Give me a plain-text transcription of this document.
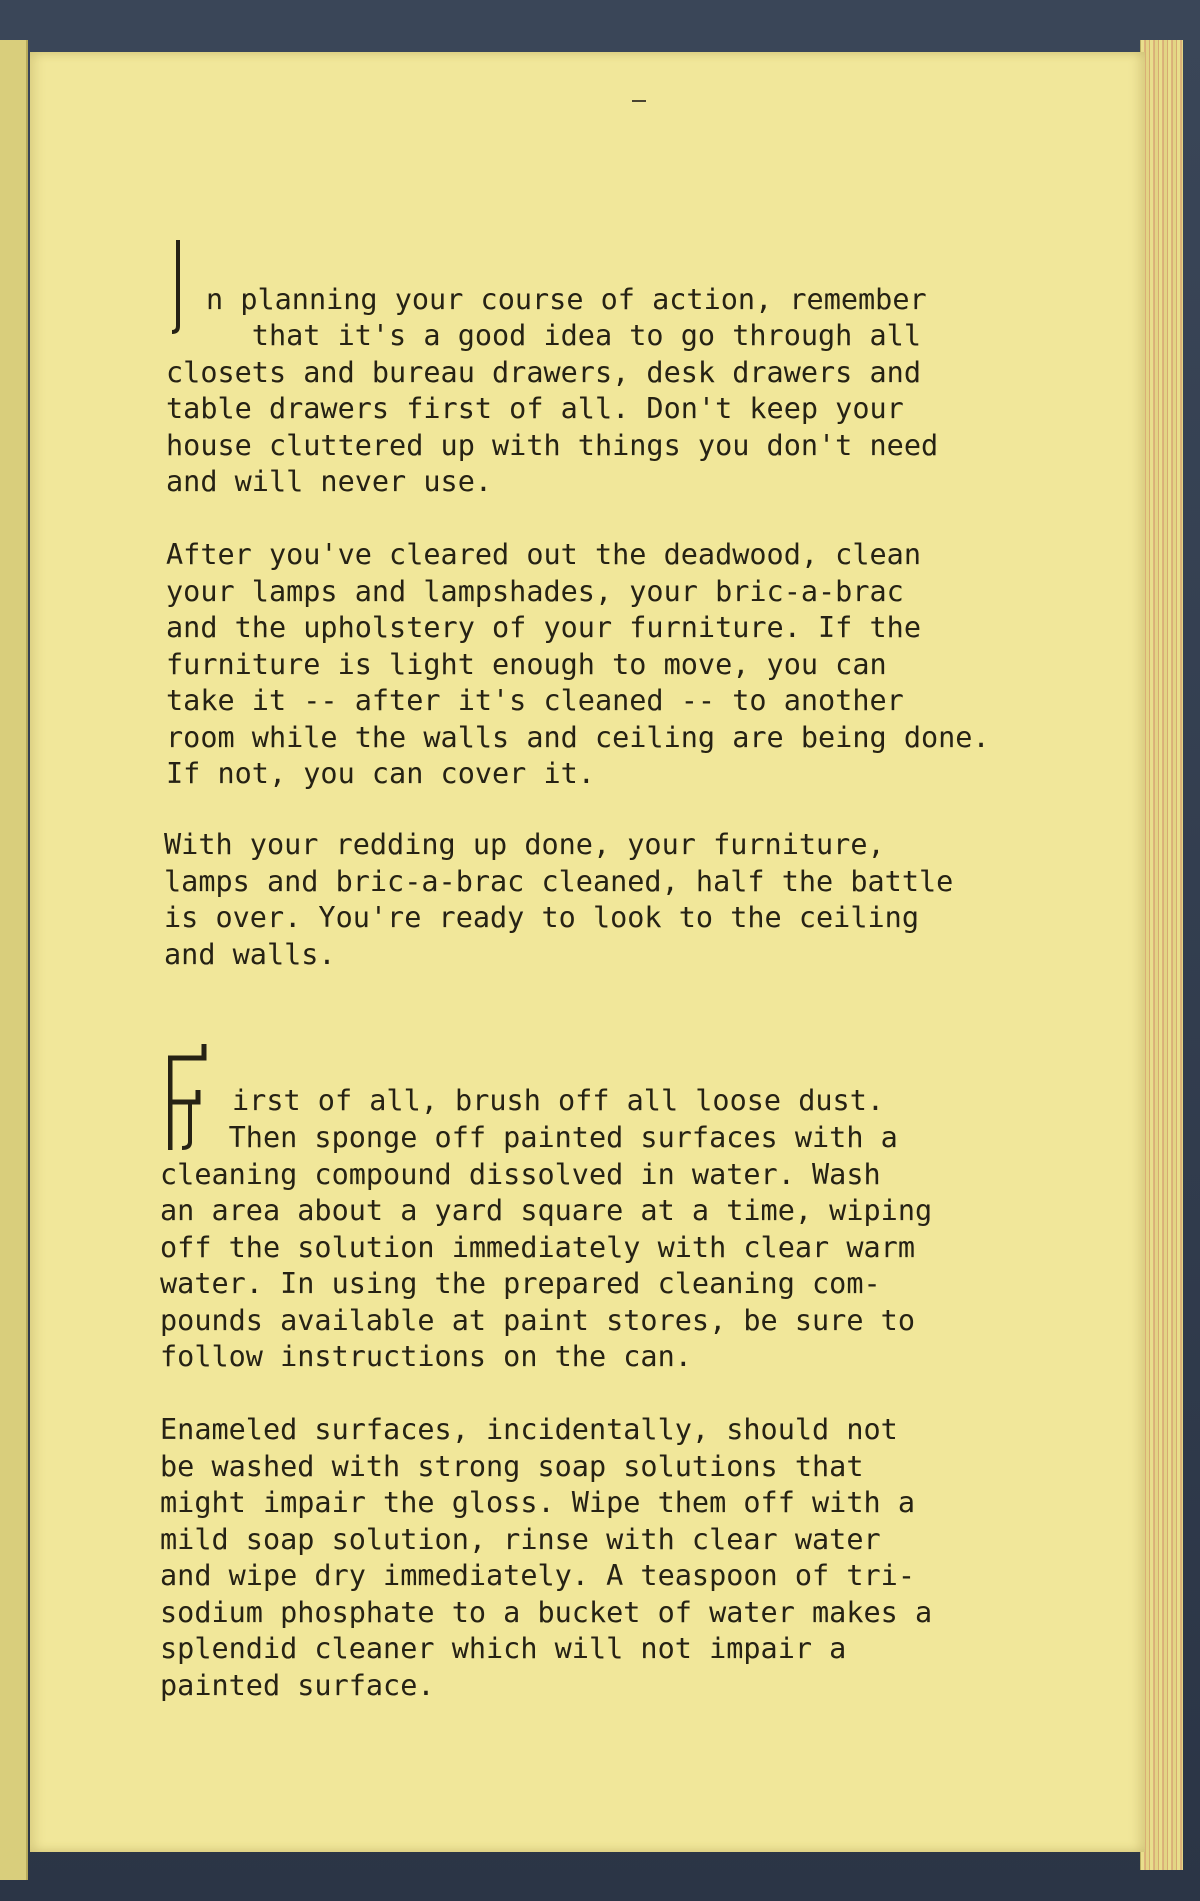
n planning your course of action, remember
that it's a good idea to go through all
closets and bureau drawers, desk drawers and
table drawers first of all. Don't keep your
house cluttered up with things you don't need
and will never use.
After you've cleared out the deadwood, clean
your lamps and lampshades, your bric-a-brac
and the upholstery of your furniture. If the
furniture is light enough to move, you can
take it -- after it's cleaned -- to another
room while the walls and ceiling are being done.
If not, you can cover it.
With your redding up done, your furniture,
lamps and bric-a-brac cleaned, half the battle
is over. You're ready to look to the ceiling
and walls.
irst of all, brush off all loose dust.
Then sponge off painted surfaces with a
cleaning compound dissolved in water. Wash
an area about a yard square at a time, wiping
off the solution immediately with clear warm
water. In using the prepared cleaning com-
pounds available at paint stores, be sure to
follow instructions on the can.
Enameled surfaces, incidentally, should not
be washed with strong soap solutions that
might impair the gloss. Wipe them off with a
mild soap solution, rinse with clear water
and wipe dry immediately. A teaspoon of tri-
sodium phosphate to a bucket of water makes a
splendid cleaner which will not impair a
painted surface.
